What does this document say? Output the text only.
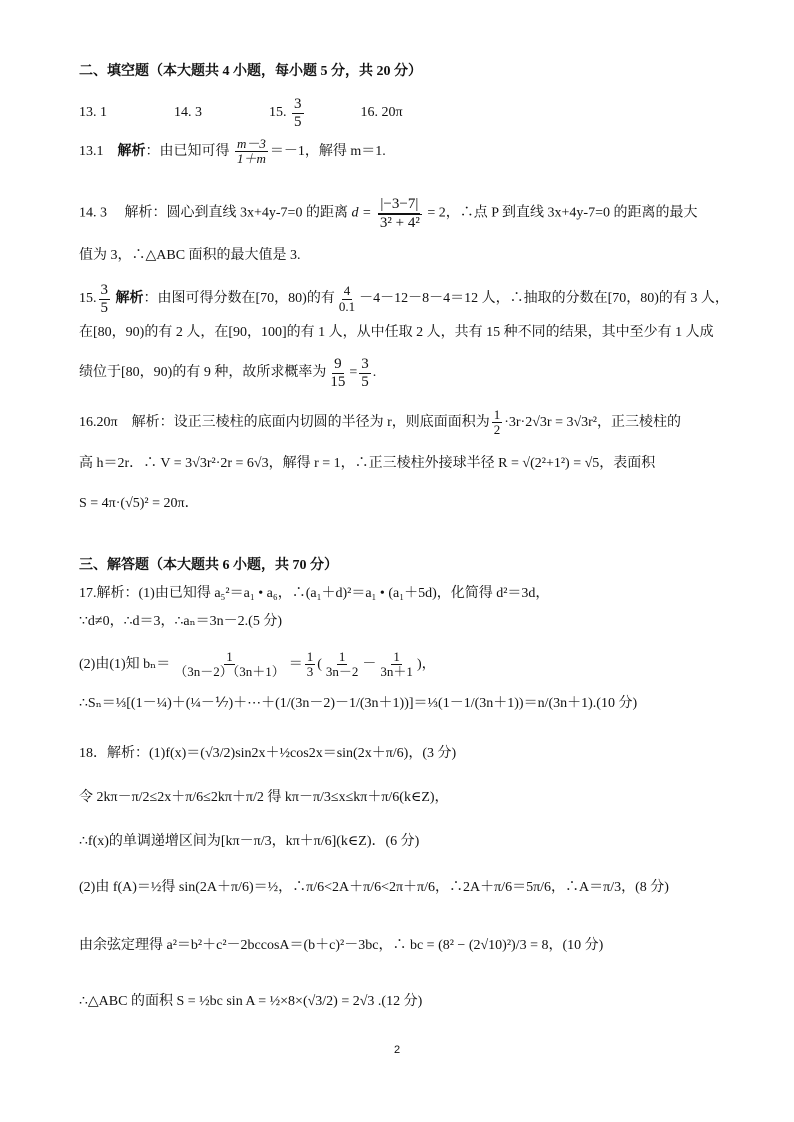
二、填空题（本大题共 4 小题，每小题 5 分，共 20 分）
13. 1	14. 3	15. $\frac{3}{5}$	16. 20π
13.1　解析：由已知可得 $\frac{m-3}{1+m} =-1$，解得 m＝1.
14. 3　 解析：圆心到直线 3x+4y-7=0 的距离 $d = \frac{|-3-7|}{\text{3² + 4²}} = 2$，∴点 P 到直线 3x+4y-7=0 的距离的最大
值为 3，∴△ABC 面积的最大值是 3.
15. $\frac{3}{5}$ 解析：由图可得分数在[70，80)的有 $\frac{4}{0.1} -4-12-8-4=12$ 人，∴抽取的分数在[70，80)的有 3 人，
在[80，90)的有 2 人，在[90，100]的有 1 人，从中任取 2 人，共有 15 种不同的结果，其中至少有 1 人成
绩位于[80，90)的有 9 种，故所求概率为 $\frac{9}{15} = \frac{3}{5}$ .
16.20π　解析：设正三棱柱的底面内切圆的半径为 r，则底面面积为 $\frac{1}{2} \cdot 3r\cdot 2√3r = 3√3r^2$，正三棱柱的
高 h＝2r．∴ V = 3√3r²·2r = 6√3，解得 r = 1，∴正三棱柱外接球半径 R = √(2²+1²) = √5，表面积
S = 4π·(√5)² = 20π．
三、解答题（本大题共 6 小题，共 70 分）
17.解析：(1)由已知得 a₅²＝a₁ • a₆，∴(a₁＋d)²＝a₁ • (a₁＋5d)，化简得 d²＝3d，
∵d≠0，∴d＝3，∴aₙ＝3n－2.(5 分)
(2)由(1)知 $b_n= \frac{1}{(3n-2)(3n+1)} = \frac{1}{3}$ ( $\frac{1}{3n-2} - \frac{1}{3n+1}$ )，
∴Sₙ＝⅓[(1－¼)＋(¼－⅐)＋⋯＋(1/(3n－2)－1/(3n＋1))]＝⅓(1－1/(3n＋1))＝n/(3n＋1).(10 分)
18．解析：(1)f(x)＝(√3/2)sin2x＋½cos2x＝sin(2x＋π/6)，(3 分)
令 2kπ－π/2≤2x＋π/6≤2kπ＋π/2 得 kπ－π/3≤x≤kπ＋π/6(k∈Z)，
∴f(x)的单调递增区间为[kπ－π/3，kπ＋π/6](k∈Z)．(6 分)
(2)由 f(A)＝½得 sin(2A＋π/6)＝½，∴π/6<2A＋π/6<2π＋π/6，∴2A＋π/6＝5π/6，∴A＝π/3，(8 分)
由余弦定理得 a²＝b²＋c²－2bccosA＝(b＋c)²－3bc，∴ bc = (8² − (2√10)²)/3 = 8，(10 分)
∴△ABC 的面积 S = ½bc sin A = ½×8×(√3/2) = 2√3 .(12 分)
2
